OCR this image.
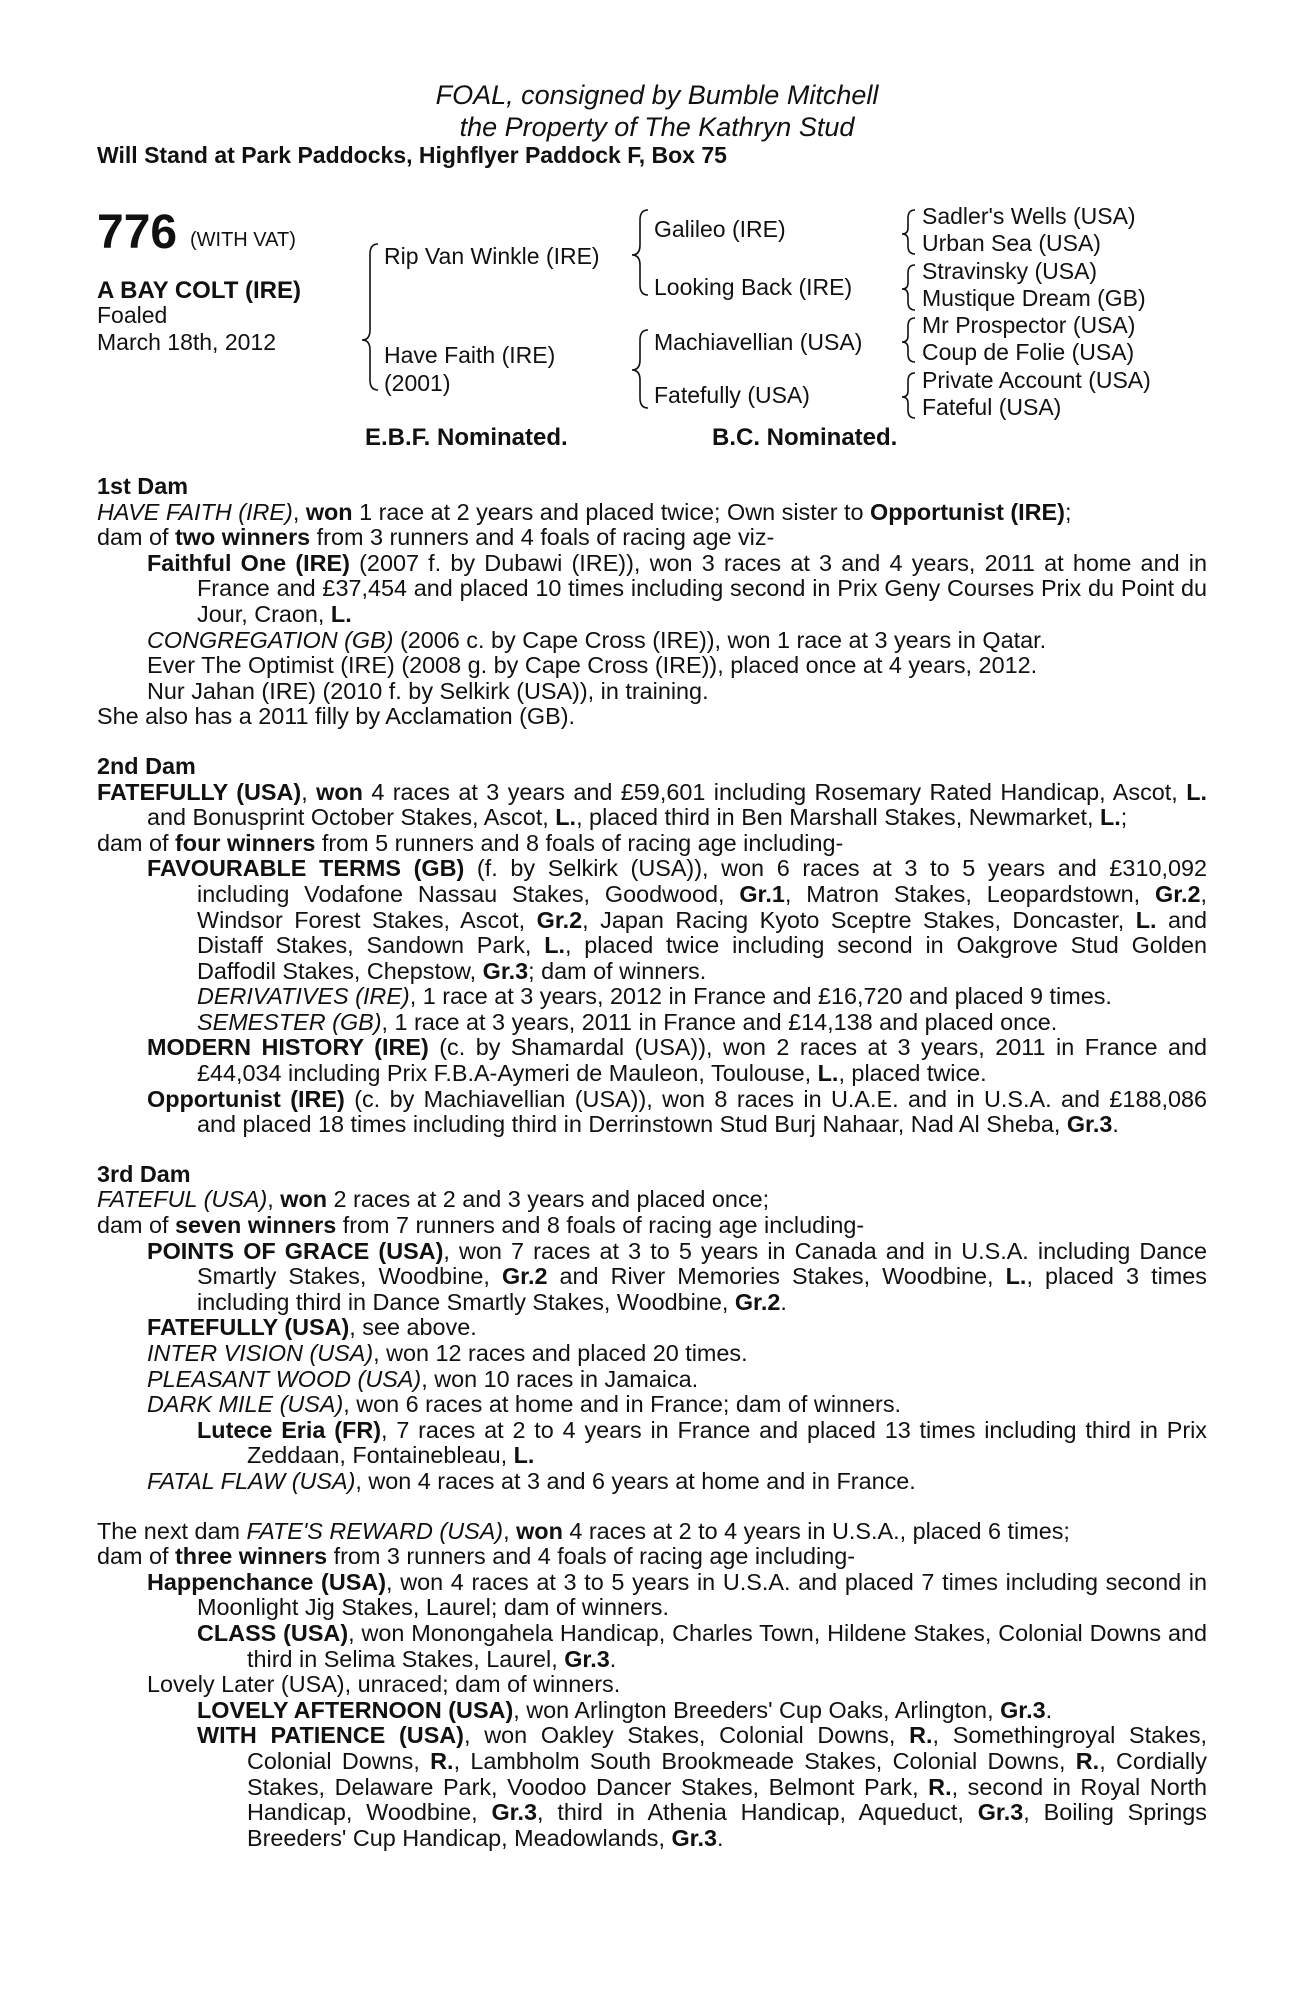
FOAL, consigned by Bumble Mitchell
the Property of The Kathryn Stud
Will Stand at Park Paddocks, Highflyer Paddock F, Box 75
776 (WITH VAT)
A BAY COLT (IRE)
Foaled
March 18th, 2012
Rip Van Winkle (IRE)
Have Faith (IRE)
(2001)
Galileo (IRE)
Looking Back (IRE)
Machiavellian (USA)
Fatefully (USA)
Sadler's Wells (USA)
Urban Sea (USA)
Stravinsky (USA)
Mustique Dream (GB)
Mr Prospector (USA)
Coup de Folie (USA)
Private Account (USA)
Fateful (USA)
E.B.F. Nominated.	B.C. Nominated.

1st Dam

HAVE FAITH (IRE), won 1 race at 2 years and placed twice; Own sister to Opportunist (IRE);

dam of two winners from 3 runners and 4 foals of racing age viz-

Faithful One (IRE) (2007 f. by Dubawi (IRE)), won 3 races at 3 and 4 years, 2011 at home and in France and £37,454 and placed 10 times including second in Prix Geny Courses Prix du Point du Jour, Craon, L.

CONGREGATION (GB) (2006 c. by Cape Cross (IRE)), won 1 race at 3 years in Qatar.

Ever The Optimist (IRE) (2008 g. by Cape Cross (IRE)), placed once at 4 years, 2012.

Nur Jahan (IRE) (2010 f. by Selkirk (USA)), in training.

She also has a 2011 filly by Acclamation (GB).

2nd Dam

FATEFULLY (USA), won 4 races at 3 years and £59,601 including Rosemary Rated Handicap, Ascot, L. and Bonusprint October Stakes, Ascot, L., placed third in Ben Marshall Stakes, Newmarket, L.;

dam of four winners from 5 runners and 8 foals of racing age including-

FAVOURABLE TERMS (GB) (f. by Selkirk (USA)), won 6 races at 3 to 5 years and £310,092 including Vodafone Nassau Stakes, Goodwood, Gr.1, Matron Stakes, Leopardstown, Gr.2, Windsor Forest Stakes, Ascot, Gr.2, Japan Racing Kyoto Sceptre Stakes, Doncaster, L. and Distaff Stakes, Sandown Park, L., placed twice including second in Oakgrove Stud Golden Daffodil Stakes, Chepstow, Gr.3; dam of winners.

DERIVATIVES (IRE), 1 race at 3 years, 2012 in France and £16,720 and placed 9 times.

SEMESTER (GB), 1 race at 3 years, 2011 in France and £14,138 and placed once.

MODERN HISTORY (IRE) (c. by Shamardal (USA)), won 2 races at 3 years, 2011 in France and £44,034 including Prix F.B.A-Aymeri de Mauleon, Toulouse, L., placed twice.

Opportunist (IRE) (c. by Machiavellian (USA)), won 8 races in U.A.E. and in U.S.A. and £188,086 and placed 18 times including third in Derrinstown Stud Burj Nahaar, Nad Al Sheba, Gr.3.

3rd Dam

FATEFUL (USA), won 2 races at 2 and 3 years and placed once;

dam of seven winners from 7 runners and 8 foals of racing age including-

POINTS OF GRACE (USA), won 7 races at 3 to 5 years in Canada and in U.S.A. including Dance Smartly Stakes, Woodbine, Gr.2 and River Memories Stakes, Woodbine, L., placed 3 times including third in Dance Smartly Stakes, Woodbine, Gr.2.

FATEFULLY (USA), see above.

INTER VISION (USA), won 12 races and placed 20 times.

PLEASANT WOOD (USA), won 10 races in Jamaica.

DARK MILE (USA), won 6 races at home and in France; dam of winners.

Lutece Eria (FR), 7 races at 2 to 4 years in France and placed 13 times including third in Prix Zeddaan, Fontainebleau, L.

FATAL FLAW (USA), won 4 races at 3 and 6 years at home and in France.

The next dam FATE'S REWARD (USA), won 4 races at 2 to 4 years in U.S.A., placed 6 times;

dam of three winners from 3 runners and 4 foals of racing age including-

Happenchance (USA), won 4 races at 3 to 5 years in U.S.A. and placed 7 times including second in Moonlight Jig Stakes, Laurel; dam of winners.

CLASS (USA), won Monongahela Handicap, Charles Town, Hildene Stakes, Colonial Downs and third in Selima Stakes, Laurel, Gr.3.

Lovely Later (USA), unraced; dam of winners.

LOVELY AFTERNOON (USA), won Arlington Breeders' Cup Oaks, Arlington, Gr.3.

WITH PATIENCE (USA), won Oakley Stakes, Colonial Downs, R., Somethingroyal Stakes, Colonial Downs, R., Lambholm South Brookmeade Stakes, Colonial Downs, R., Cordially Stakes, Delaware Park, Voodoo Dancer Stakes, Belmont Park, R., second in Royal North Handicap, Woodbine, Gr.3, third in Athenia Handicap, Aqueduct, Gr.3, Boiling Springs Breeders' Cup Handicap, Meadowlands, Gr.3.
